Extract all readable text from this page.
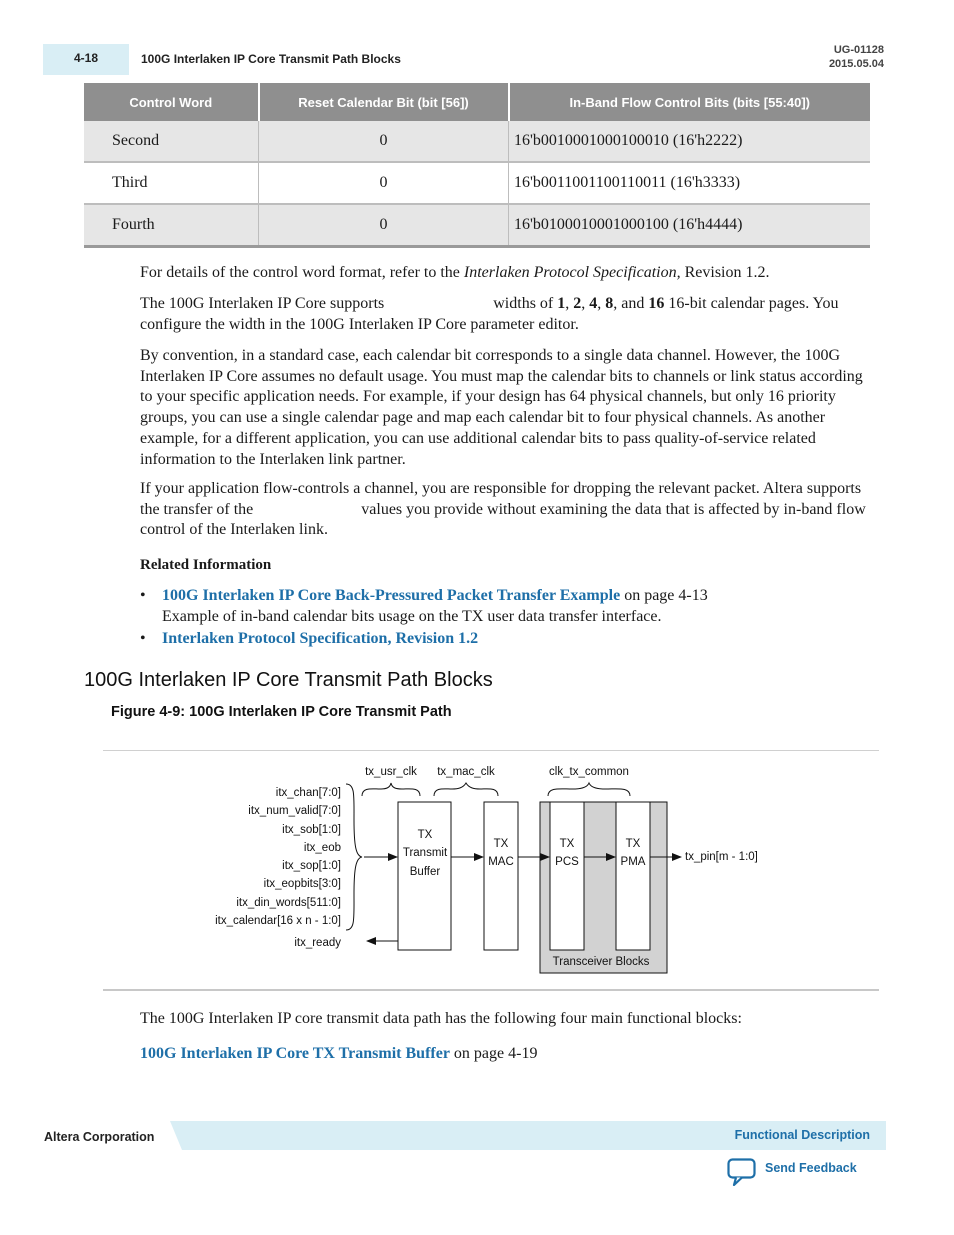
4-18	100G Interlaken IP Core Transmit Path Blocks
UG-01128
2015.05.04
Control Word	Reset Calendar Bit (bit [56])	In-Band Flow Control Bits (bits [55:40])
Second	0	16'b0010001000100010 (16'h2222)
Third	0	16'b0011001100110011 (16'h3333)
Fourth	0	16'b0100010001000100 (16'h4444)

For details of the control word format, refer to the Interlaken Protocol Specification, Revision 1.2.

The 100G Interlaken IP Core supports	widths of 1, 2, 4, 8, and 16 16-bit calendar pages. You configure the width in the 100G Interlaken IP Core parameter editor.

By convention, in a standard case, each calendar bit corresponds to a single data channel. However, the 100G Interlaken IP Core assumes no default usage. You must map the calendar bits to channels or link status according to your specific application needs. For example, if your design has 64 physical channels, but only 16 priority groups, you can use a single calendar page and map each calendar bit to four physical channels. As another example, for a different application, you can use additional calendar bits to pass quality-of-service related information to the Interlaken link partner.

If your application flow-controls a channel, you are responsible for dropping the relevant packet. Altera supports the transfer of the	values you provide without examining the data that is affected by in-band flow control of the Interlaken link.

Related Information
• 100G Interlaken IP Core Back-Pressured Packet Transfer Example on page 4-13
Example of in-band calendar bits usage on the TX user data transfer interface.
• Interlaken Protocol Specification, Revision 1.2
100G Interlaken IP Core Transmit Path Blocks
Figure 4-9: 100G Interlaken IP Core Transmit Path
tx_usr_clk tx_mac_clk	clk_tx_common
itx_chan[7:0]
itx_num_valid[7:0]
itx_sob[1:0]
itx_eob
itx_sop[1:0]
itx_eopbits[3:0]
itx_din_words[511:0]
itx_calendar[16 x n - 1:0]
itx_ready
Transceiver Blocks
TX
Transmit
Buffer
TX
MAC
TX
PCS
TX
PMA	tx_pin[m - 1:0]

The 100G Interlaken IP core transmit data path has the following four main functional blocks:

100G Interlaken IP Core TX Transmit Buffer on page 4-19

Altera Corporation	Functional Description
Send Feedback
